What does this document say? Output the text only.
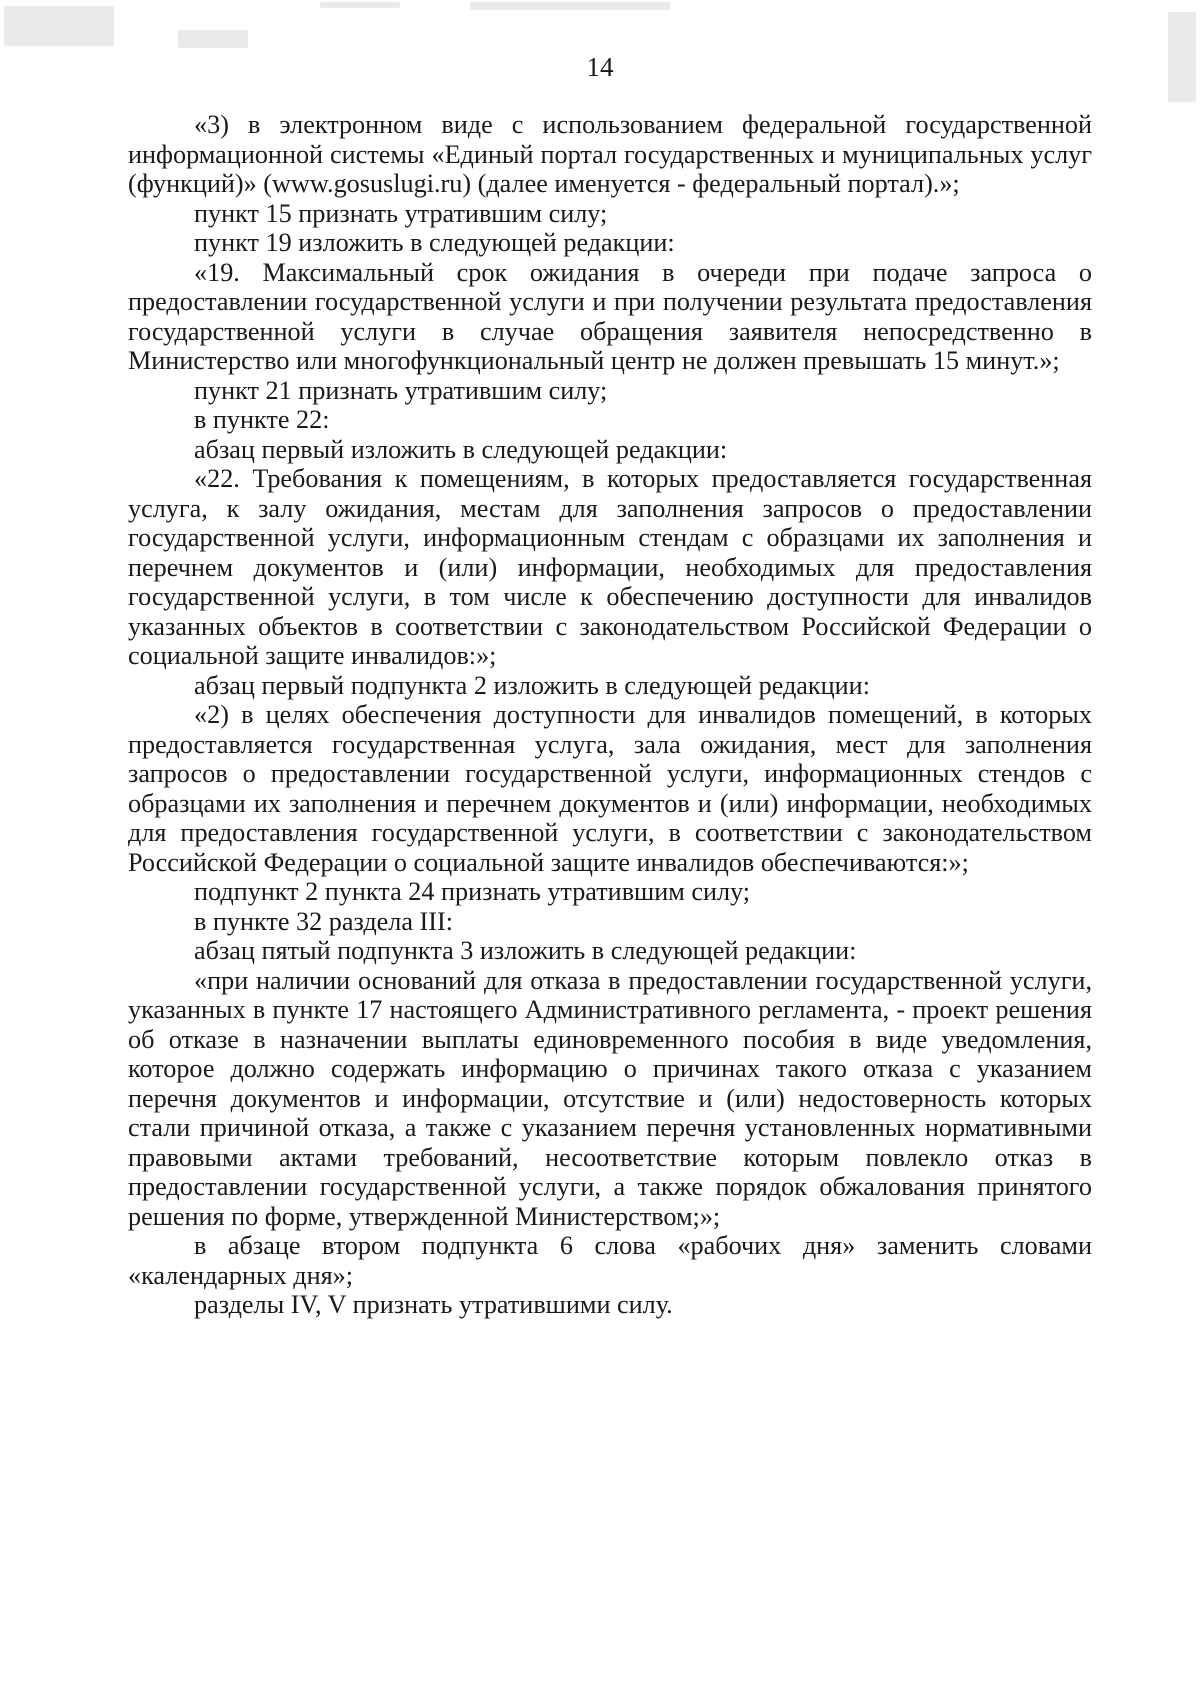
14

«3) в электронном виде с использованием федеральной государственной информационной системы «Единый портал государственных и муниципальных услуг (функций)» (www.gosuslugi.ru) (далее именуется - федеральный портал).»;

пункт 15 признать утратившим силу;

пункт 19 изложить в следующей редакции:

«19. Максимальный срок ожидания в очереди при подаче запроса о предоставлении государственной услуги и при получении результата предоставления государственной услуги в случае обращения заявителя непосредственно в Министерство или многофункциональный центр не должен превышать 15 минут.»;

пункт 21 признать утратившим силу;

в пункте 22:

абзац первый изложить в следующей редакции:

«22. Требования к помещениям, в которых предоставляется государственная услуга, к залу ожидания, местам для заполнения запросов о предоставлении государственной услуги, информационным стендам с образцами их заполнения и перечнем документов и (или) информации, необходимых для предоставления государственной услуги, в том числе к обеспечению доступности для инвалидов указанных объектов в соответствии с законодательством Российской Федерации о социальной защите инвалидов:»;

абзац первый подпункта 2 изложить в следующей редакции:

«2) в целях обеспечения доступности для инвалидов помещений, в которых предоставляется государственная услуга, зала ожидания, мест для заполнения запросов о предоставлении государственной услуги, информационных стендов с образцами их заполнения и перечнем документов и (или) информации, необходимых для предоставления государственной услуги, в соответствии с законодательством Российской Федерации о социальной защите инвалидов обеспечиваются:»;

подпункт 2 пункта 24 признать утратившим силу;

в пункте 32 раздела III:

абзац пятый подпункта 3 изложить в следующей редакции:

«при наличии оснований для отказа в предоставлении государственной услуги, указанных в пункте 17 настоящего Административного регламента, - проект решения об отказе в назначении выплаты единовременного пособия в виде уведомления, которое должно содержать информацию о причинах такого отказа с указанием перечня документов и информации, отсутствие и (или) недостоверность которых стали причиной отказа, а также с указанием перечня установленных нормативными правовыми актами требований, несоответствие которым повлекло отказ в предоставлении государственной услуги, а также порядок обжалования принятого решения по форме, утвержденной Министерством;»;

в абзаце втором подпункта 6 слова «рабочих дня» заменить словами «календарных дня»;

разделы IV, V признать утратившими силу.
